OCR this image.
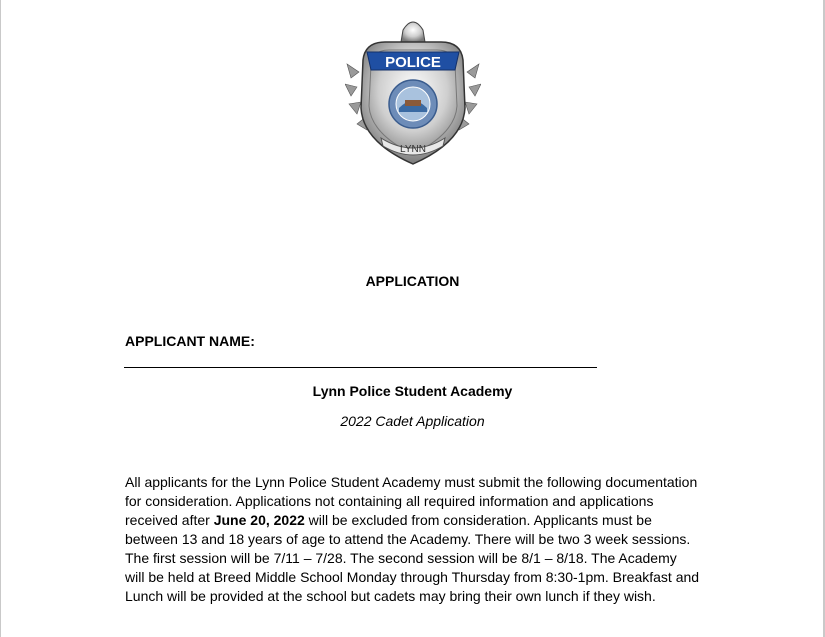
POLICE
LYNN
APPLICATION
APPLICANT NAME:
Lynn Police Student Academy
2022 Cadet Application
All applicants for the Lynn Police Student Academy must submit the following documentation for consideration. Applications not containing all required information and applications received after June 20, 2022 will be excluded from consideration. Applicants must be between 13 and 18 years of age to attend the Academy. There will be two 3 week sessions. The first session will be 7/11 – 7/28. The second session will be 8/1 – 8/18. The Academy will be held at Breed Middle School Monday through Thursday from 8:30-1pm. Breakfast and Lunch will be provided at the school but cadets may bring their own lunch if they wish.
